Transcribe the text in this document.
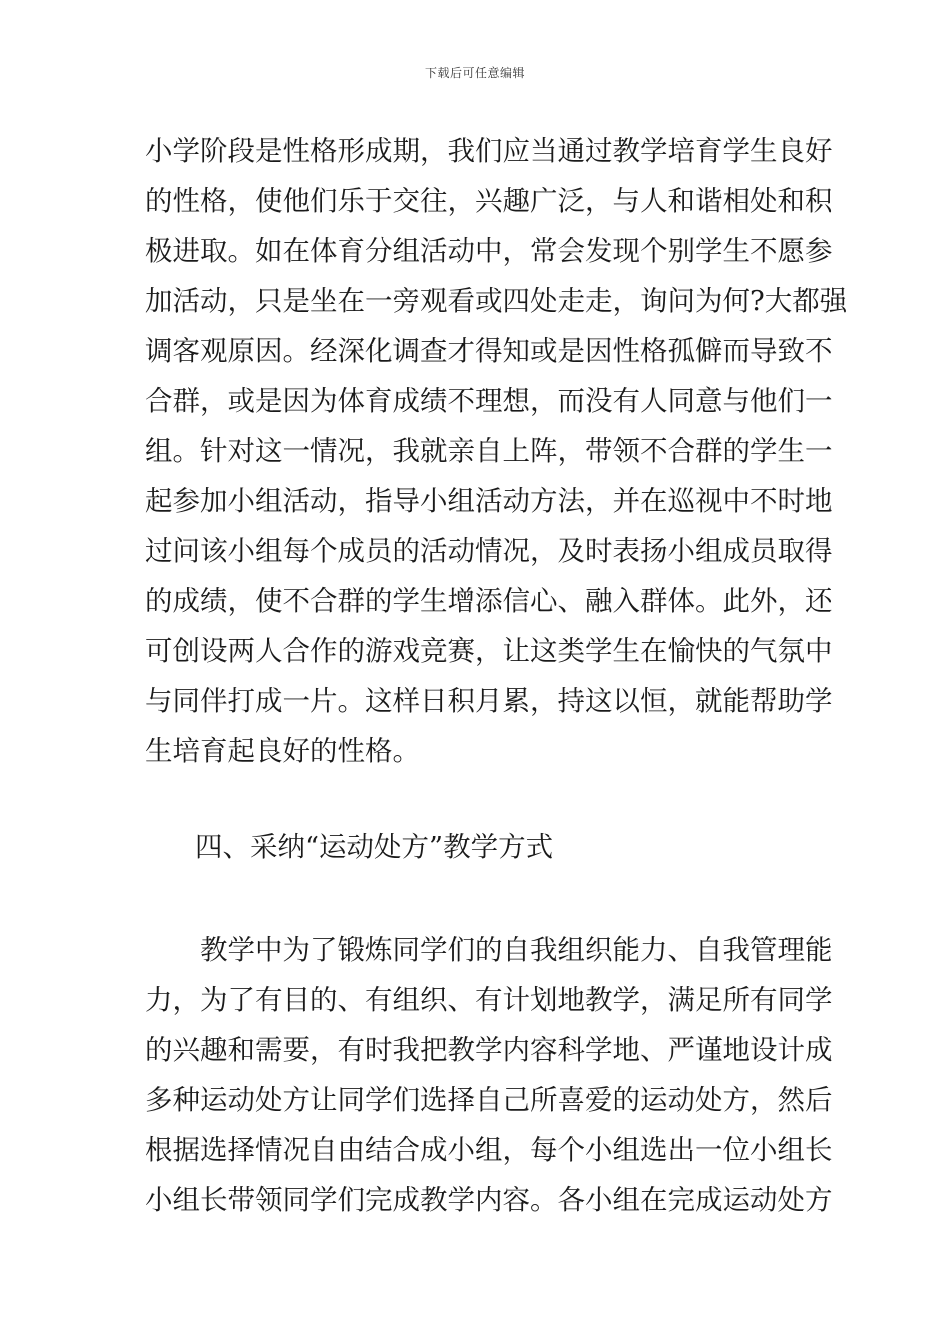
下载后可任意编辑
小学阶段是性格形成期，我们应当通过教学培育学生良好
的性格，使他们乐于交往，兴趣广泛，与人和谐相处和积
极进取。如在体育分组活动中，常会发现个别学生不愿参
加活动，只是坐在一旁观看或四处走走，询问为何?大都强
调客观原因。经深化调查才得知或是因性格孤僻而导致不
合群，或是因为体育成绩不理想，而没有人同意与他们一
组。针对这一情况，我就亲自上阵，带领不合群的学生一
起参加小组活动，指导小组活动方法，并在巡视中不时地
过问该小组每个成员的活动情况，及时表扬小组成员取得
的成绩，使不合群的学生增添信心、融入群体。此外，还
可创设两人合作的游戏竞赛，让这类学生在愉快的气氛中
与同伴打成一片。这样日积月累，持这以恒，就能帮助学
生培育起良好的性格。
四、采纳“运动处方”教学方式
　　教学中为了锻炼同学们的自我组织能力、自我管理能
力，为了有目的、有组织、有计划地教学，满足所有同学
的兴趣和需要，有时我把教学内容科学地、严谨地设计成
多种运动处方让同学们选择自己所喜爱的运动处方，然后
根据选择情况自由结合成小组，每个小组选出一位小组长
小组长带领同学们完成教学内容。各小组在完成运动处方
